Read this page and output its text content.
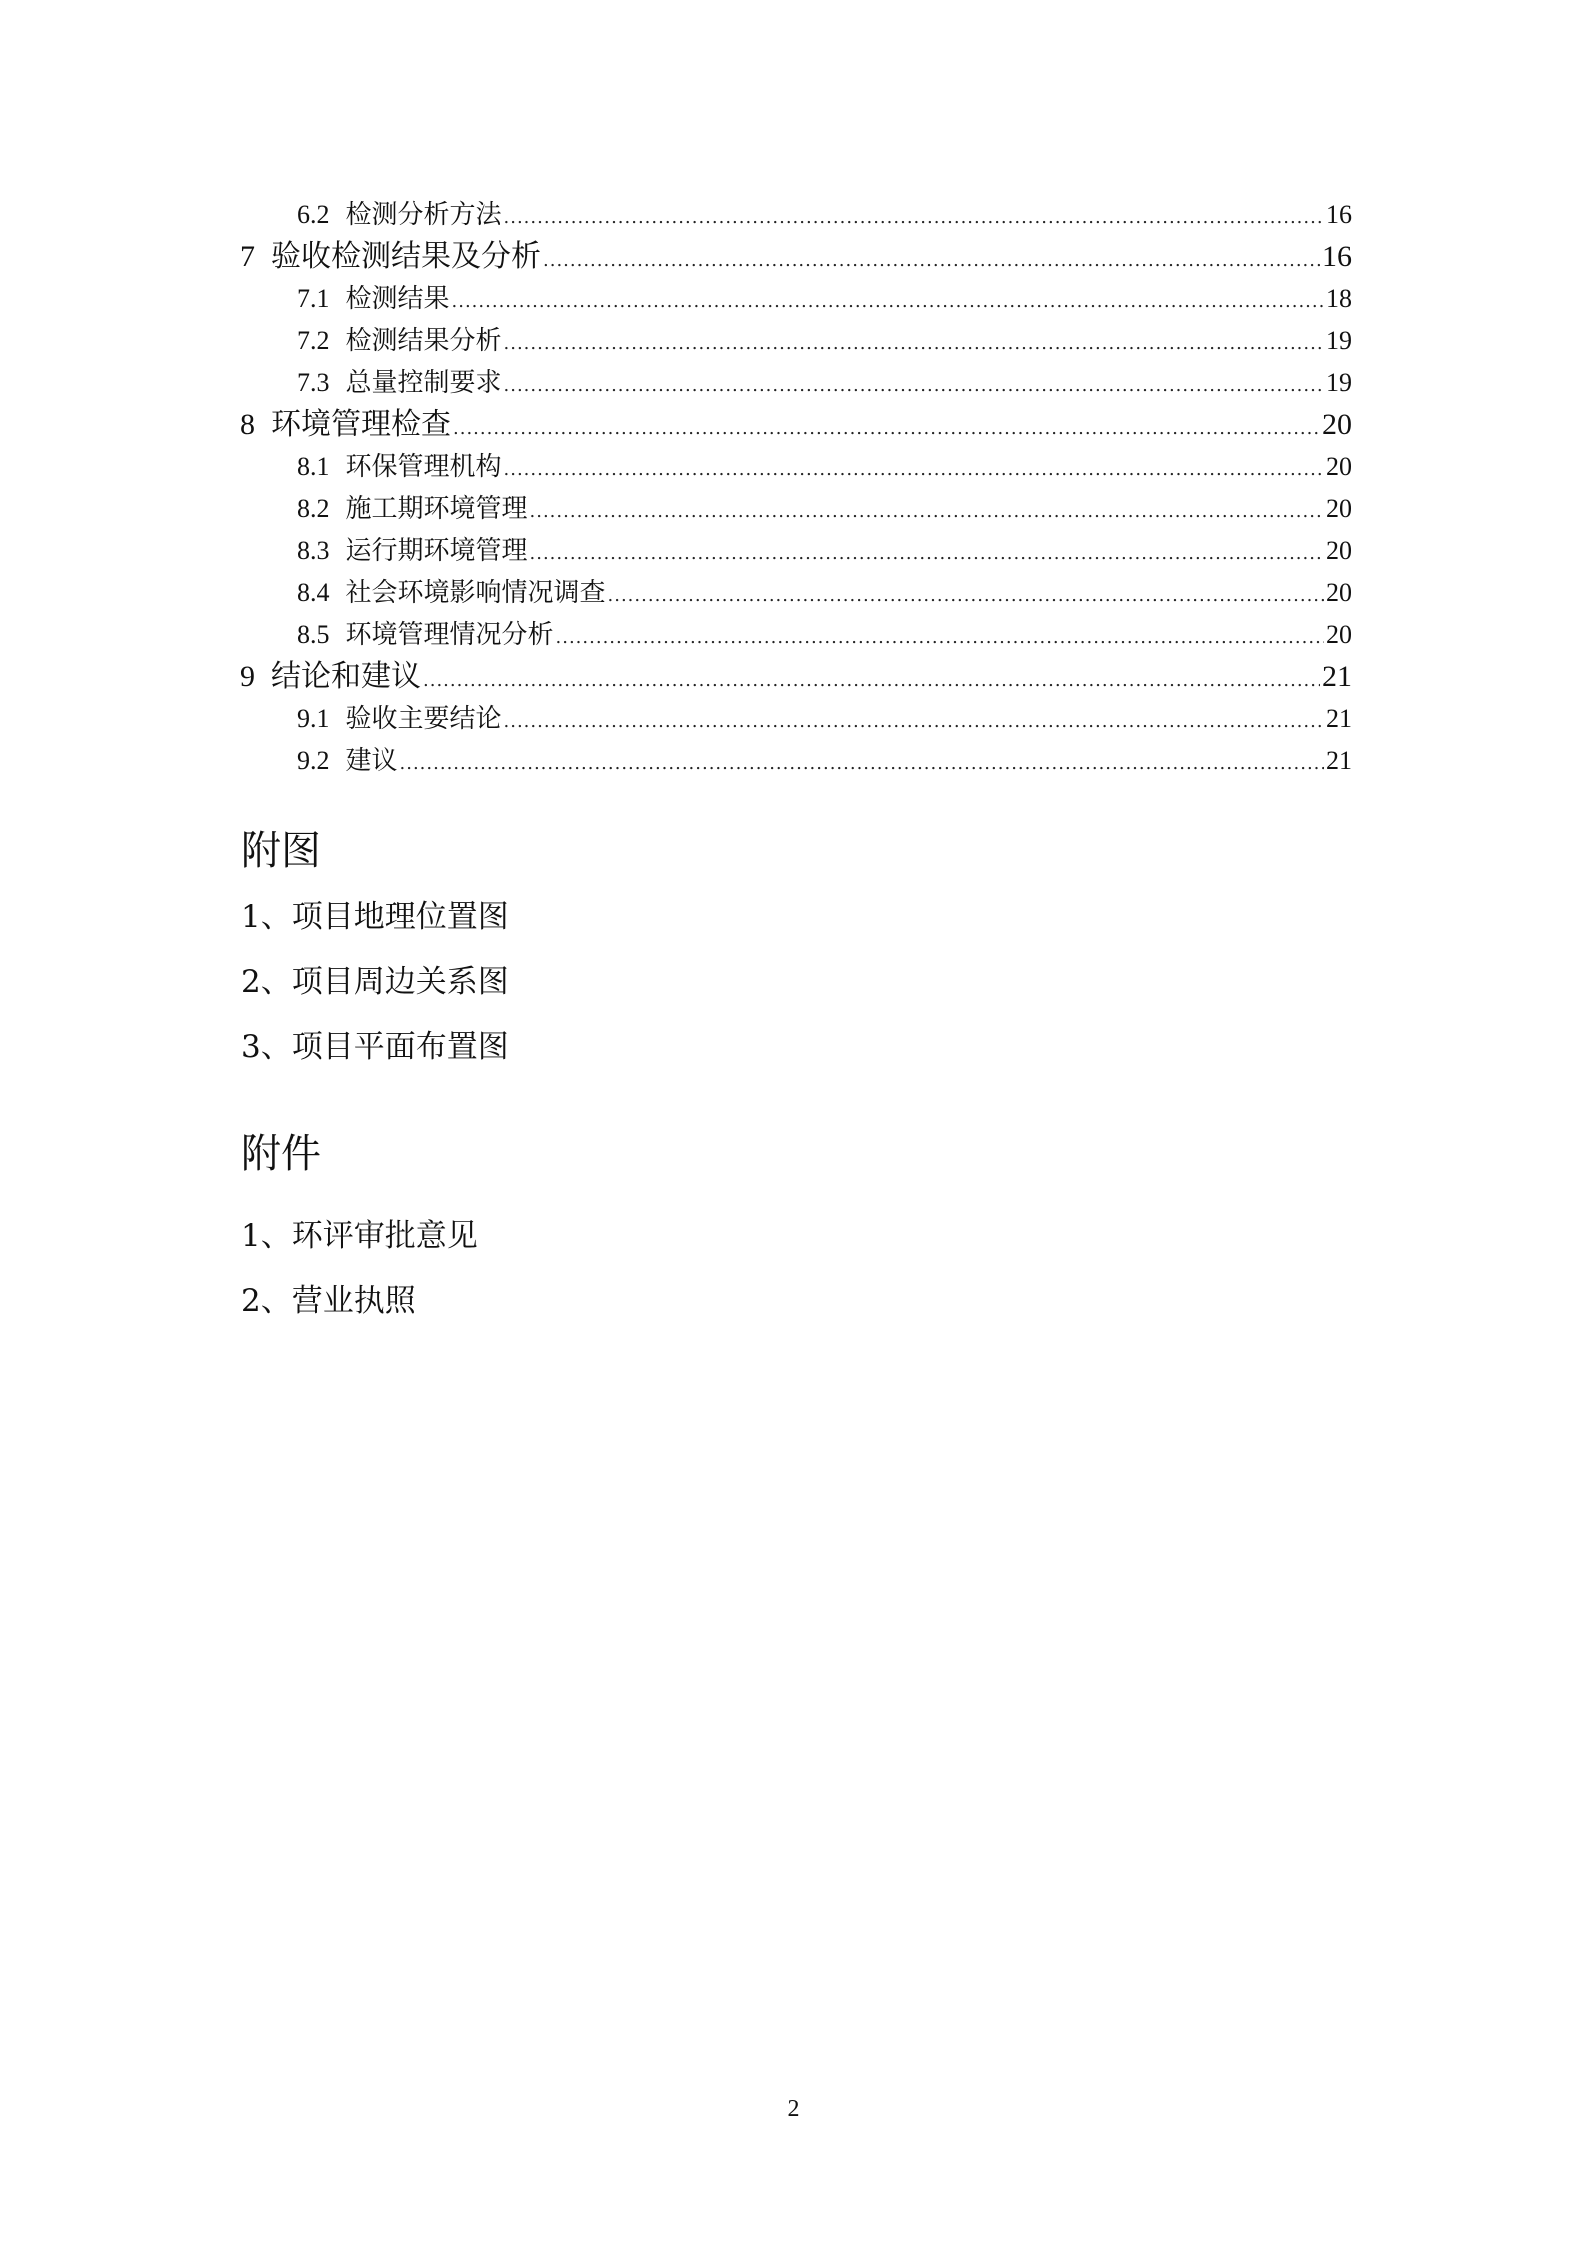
6.2 检测分析方法 .....	16
7 验收检测结果及分析 .....	16
7.1 检测结果 .....	18
7.2 检测结果分析 .....	19
7.3 总量控制要求 .....	19
8 环境管理检查 .....	20
8.1 环保管理机构 .....	20
8.2 施工期环境管理 .....	20
8.3 运行期环境管理 .....	20
8.4 社会环境影响情况调查 .....	20
8.5 环境管理情况分析 .....	20
9 结论和建议 .....	21
9.1 验收主要结论 .....	21
9.2 建议 .....	21
附图

1、项目地理位置图

2、项目周边关系图

3、项目平面布置图

附件

1、环评审批意见

2、营业执照

2
